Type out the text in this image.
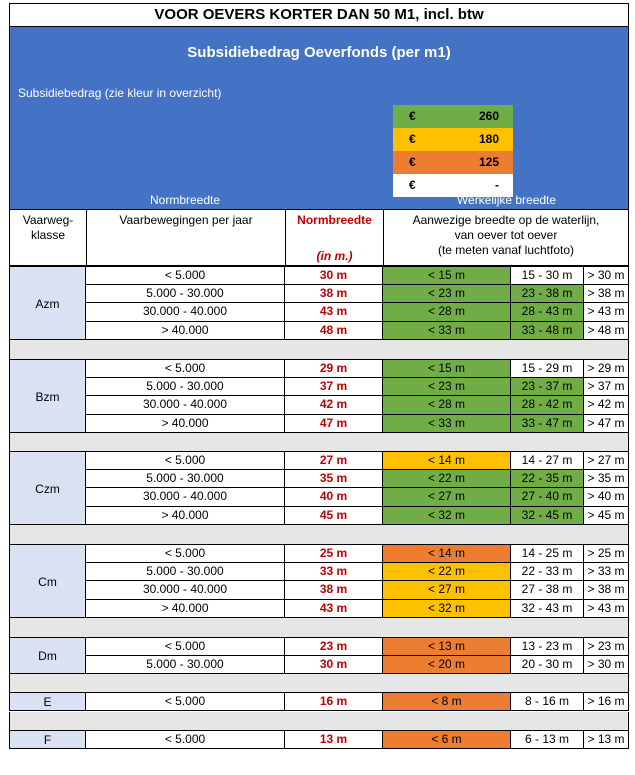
VOOR OEVERS KORTER DAN 50 M1, incl. btw
Subsidiebedrag Oeverfonds (per m1)
Subsidiebedrag (zie kleur in overzicht)
€	260
€	180
€	125
€	-
Normbreedte	Werkelijke breedte
Vaarweg-
klasse
Vaarbewegingen per jaar	Normbreedte
(in m.)
Aanwezige breedte op de waterlijn,
van oever tot oever
(te meten vanaf luchtfoto)
Azm
< 5.000	30 m	< 15 m	15 - 30 m	> 30 m
5.000 - 30.000	38 m	< 23 m	23 - 38 m	> 38 m
30.000 - 40.000	43 m	< 28 m	28 - 43 m	> 43 m
> 40.000	48 m	< 33 m	33 - 48 m	> 48 m
Bzm
< 5.000	29 m	< 15 m	15 - 29 m	> 29 m
5.000 - 30.000	37 m	< 23 m	23 - 37 m	> 37 m
30.000 - 40.000	42 m	< 28 m	28 - 42 m	> 42 m
> 40.000	47 m	< 33 m	33 - 47 m	> 47 m
Czm
< 5.000	27 m	< 14 m	14 - 27 m	> 27 m
5.000 - 30.000	35 m	< 22 m	22 - 35 m	> 35 m
30.000 - 40.000	40 m	< 27 m	27 - 40 m	> 40 m
> 40.000	45 m	< 32 m	32 - 45 m	> 45 m
Cm
< 5.000	25 m	< 14 m	14 - 25 m	> 25 m
5.000 - 30.000	33 m	< 22 m	22 - 33 m	> 33 m
30.000 - 40.000	38 m	< 27 m	27 - 38 m	> 38 m
> 40.000	43 m	< 32 m	32 - 43 m	> 43 m
Dm
< 5.000	23 m	< 13 m	13 - 23 m	> 23 m
5.000 - 30.000	30 m	< 20 m	20 - 30 m	> 30 m
E	< 5.000	16 m	< 8 m	8 - 16 m	> 16 m
F	< 5.000	13 m	< 6 m	6 - 13 m	> 13 m
